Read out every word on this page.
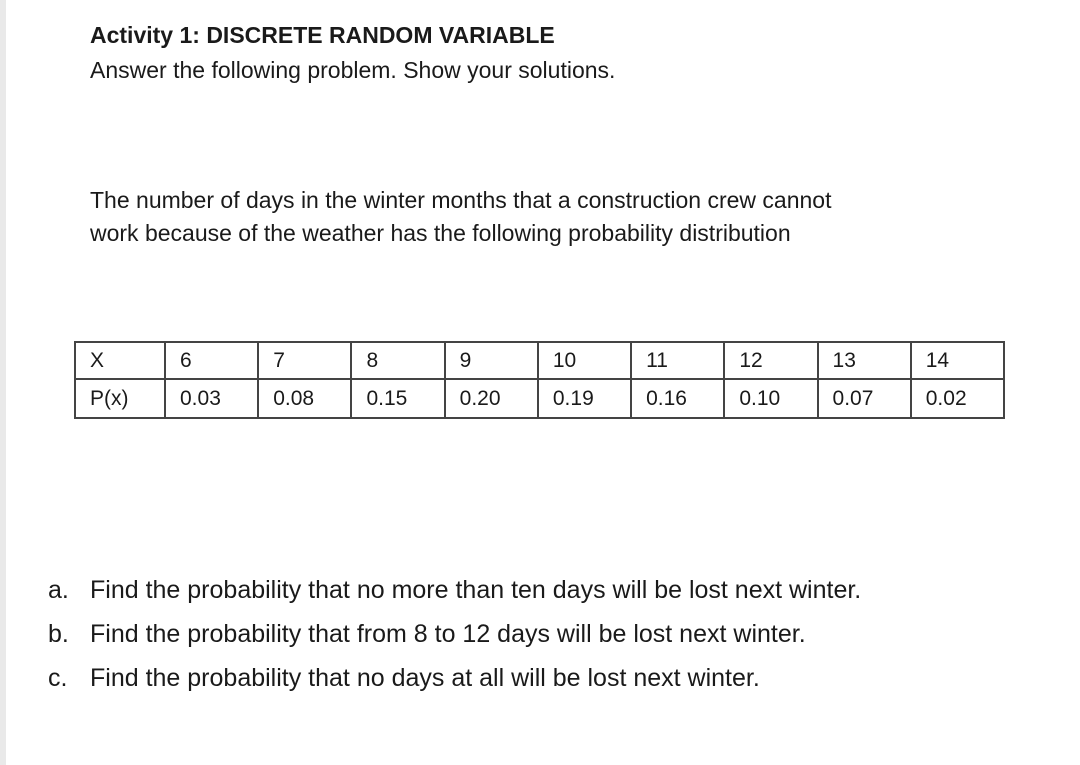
Activity 1: DISCRETE RANDOM VARIABLE
Answer the following problem. Show your solutions.
The number of days in the winter months that a construction crew cannot
work because of the weather has the following probability distribution
X	6	7	8	9	10	11	12	13	14
P(x)	0.03	0.08	0.15	0.20	0.19	0.16	0.10	0.07	0.02
a. Find the probability that no more than ten days will be lost next winter.
b. Find the probability that from 8 to 12 days will be lost next winter.
c. Find the probability that no days at all will be lost next winter.
